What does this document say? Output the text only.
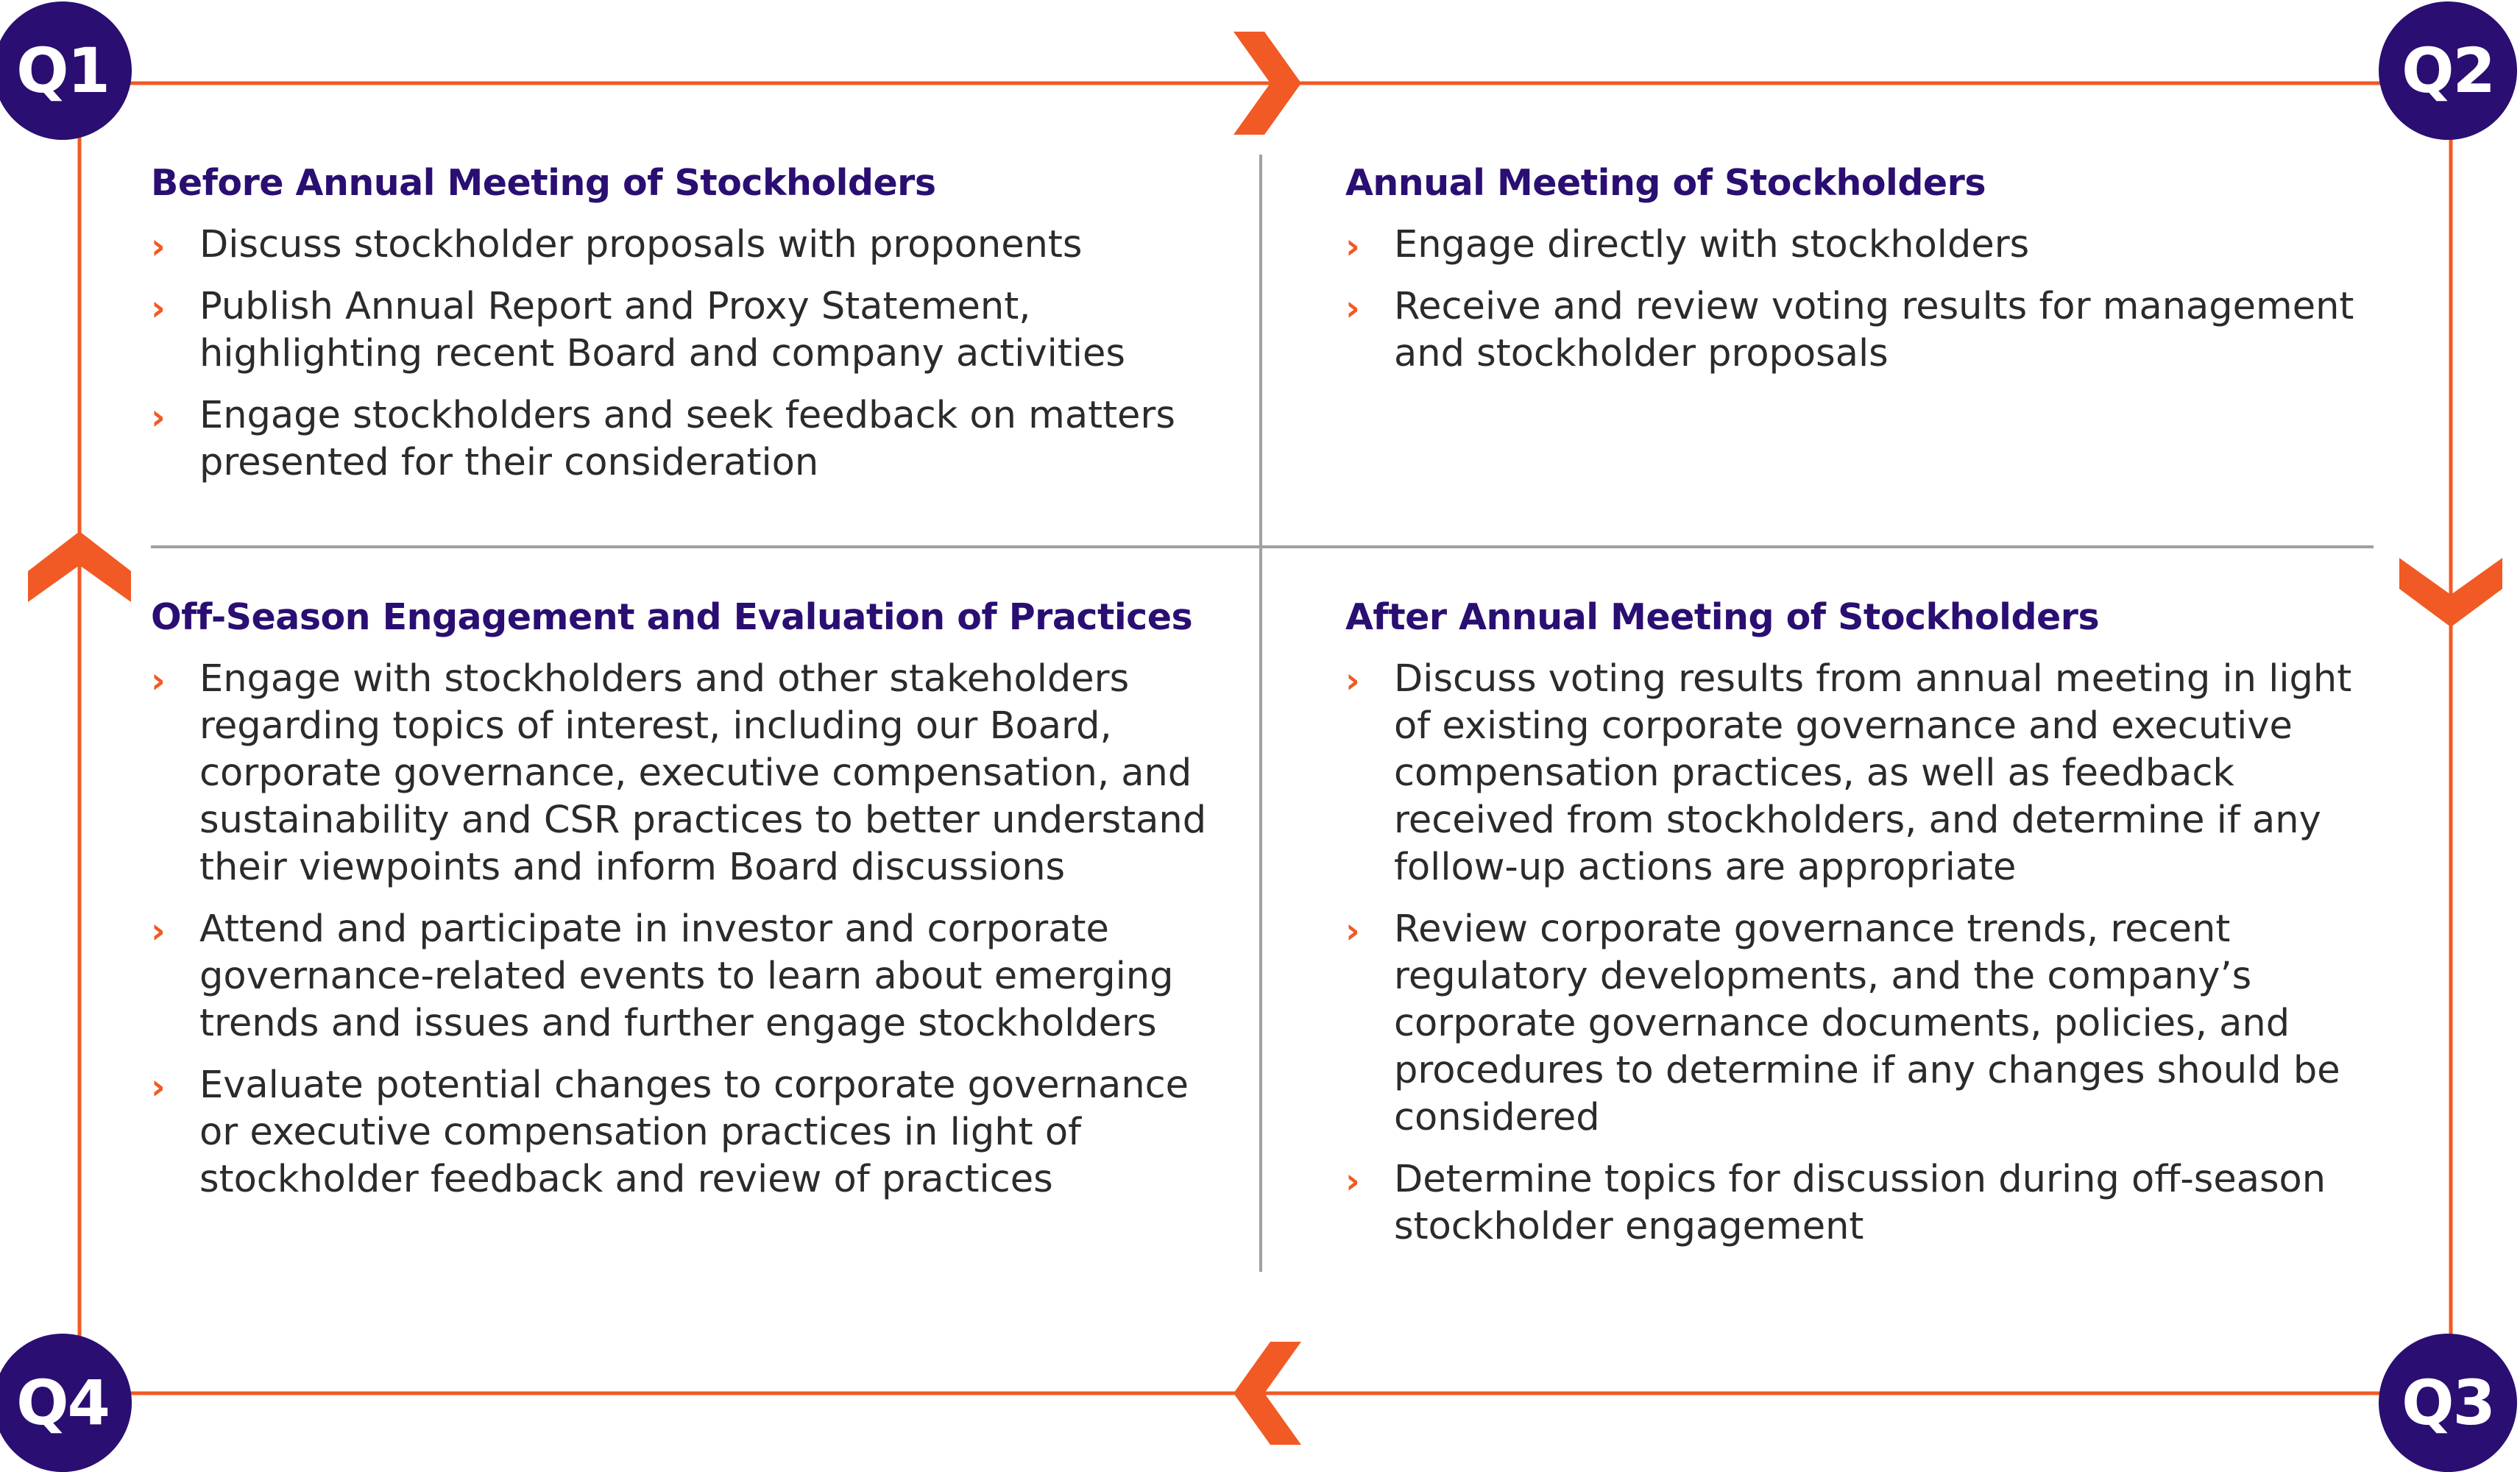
Q1	Q2
Q3
Q4
Before Annual Meeting of Stockholders
› Discuss stockholder proposals with proponents
› Publish Annual Report and Proxy Statement, highlighting recent Board and company activities
› Engage stockholders and seek feedback on matters presented for their consideration
Annual Meeting of Stockholders
› Engage directly with stockholders
› Receive and review voting results for management and stockholder proposals
Off-Season Engagement and Evaluation of Practices
› Engage with stockholders and other stakeholders regarding topics of interest, including our Board, corporate governance, executive compensation, and sustainability and CSR practices to better understand their viewpoints and inform Board discussions
› Attend and participate in investor and corporate governance-related events to learn about emerging trends and issues and further engage stockholders
› Evaluate potential changes to corporate governance or executive compensation practices in light of stockholder feedback and review of practices
After Annual Meeting of Stockholders
› Discuss voting results from annual meeting in light of existing corporate governance and executive compensation practices, as well as feedback received from stockholders, and determine if any follow-up actions are appropriate
› Review corporate governance trends, recent regulatory developments, and the company’s corporate governance documents, policies, and procedures to determine if any changes should be considered
› Determine topics for discussion during off-season stockholder engagement
